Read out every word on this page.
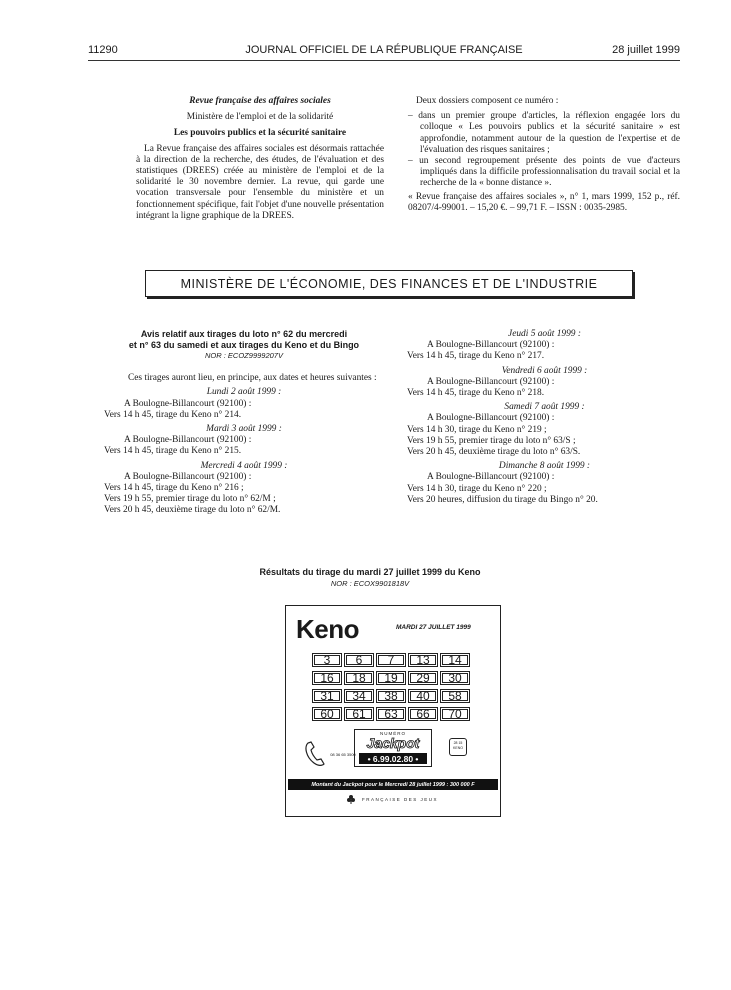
11290	JOURNAL OFFICIEL DE LA RÉPUBLIQUE FRANÇAISE	28 juillet 1999

Revue française des affaires sociales

Ministère de l'emploi et de la solidarité

Les pouvoirs publics et la sécurité sanitaire

La Revue française des affaires sociales est désormais rattachée à la direction de la recherche, des études, de l'évaluation et des statistiques (DREES) créée au ministère de l'emploi et de la solidarité le 30 novembre dernier. La revue, qui garde une vocation transversale pour l'ensemble du ministère et un fonctionnement spécifique, fait l'objet d'une nouvelle présentation intégrant la ligne graphique de la DREES.

Deux dossiers composent ce numéro :

– dans un premier groupe d'articles, la réflexion engagée lors du colloque « Les pouvoirs publics et la sécurité sanitaire » est approfondie, notamment autour de la question de l'expertise et de l'évaluation des risques sanitaires ;

– un second regroupement présente des points de vue d'acteurs impliqués dans la difficile professionnalisation du travail social et la recherche de la « bonne distance ».

« Revue française des affaires sociales », n° 1, mars 1999, 152 p., réf. 08207/4-99001. – 15,20 €. – 99,71 F. – ISSN : 0035-2985.

MINISTÈRE DE L'ÉCONOMIE, DES FINANCES ET DE L'INDUSTRIE

Avis relatif aux tirages du loto n° 62 du mercredi

et n° 63 du samedi et aux tirages du Keno et du Bingo

NOR : ECOZ9999207V

Ces tirages auront lieu, en principe, aux dates et heures suivantes :

Lundi 2 août 1999 :

A Boulogne-Billancourt (92100) :

Vers 14 h 45, tirage du Keno n° 214.

Mardi 3 août 1999 :

A Boulogne-Billancourt (92100) :

Vers 14 h 45, tirage du Keno n° 215.

Mercredi 4 août 1999 :

A Boulogne-Billancourt (92100) :

Vers 14 h 45, tirage du Keno n° 216 ;

Vers 19 h 55, premier tirage du loto n° 62/M ;

Vers 20 h 45, deuxième tirage du loto n° 62/M.

Jeudi 5 août 1999 :

A Boulogne-Billancourt (92100) :

Vers 14 h 45, tirage du Keno n° 217.

Vendredi 6 août 1999 :

A Boulogne-Billancourt (92100) :

Vers 14 h 45, tirage du Keno n° 218.

Samedi 7 août 1999 :

A Boulogne-Billancourt (92100) :

Vers 14 h 30, tirage du Keno n° 219 ;

Vers 19 h 55, premier tirage du loto n° 63/S ;

Vers 20 h 45, deuxième tirage du loto n° 63/S.

Dimanche 8 août 1999 :

A Boulogne-Billancourt (92100) :

Vers 14 h 30, tirage du Keno n° 220 ;

Vers 20 heures, diffusion du tirage du Bingo n° 20.

Résultats du tirage du mardi 27 juillet 1999 du Keno

NOR : ECOX9901818V

Keno	MARDI 27 JUILLET 1999
3	6	7	13	14
16	18	19	29	30
31	34	38	40	58
60	61	63	66	70
08 36 65 3500
NUMÉRO
Jackpot
• 6.99.02.80 •
28 15 KENO
Montant du Jackpot pour le Mercredi 28 juillet 1999 : 300 000 F
FRANÇAISE DES JEUX
